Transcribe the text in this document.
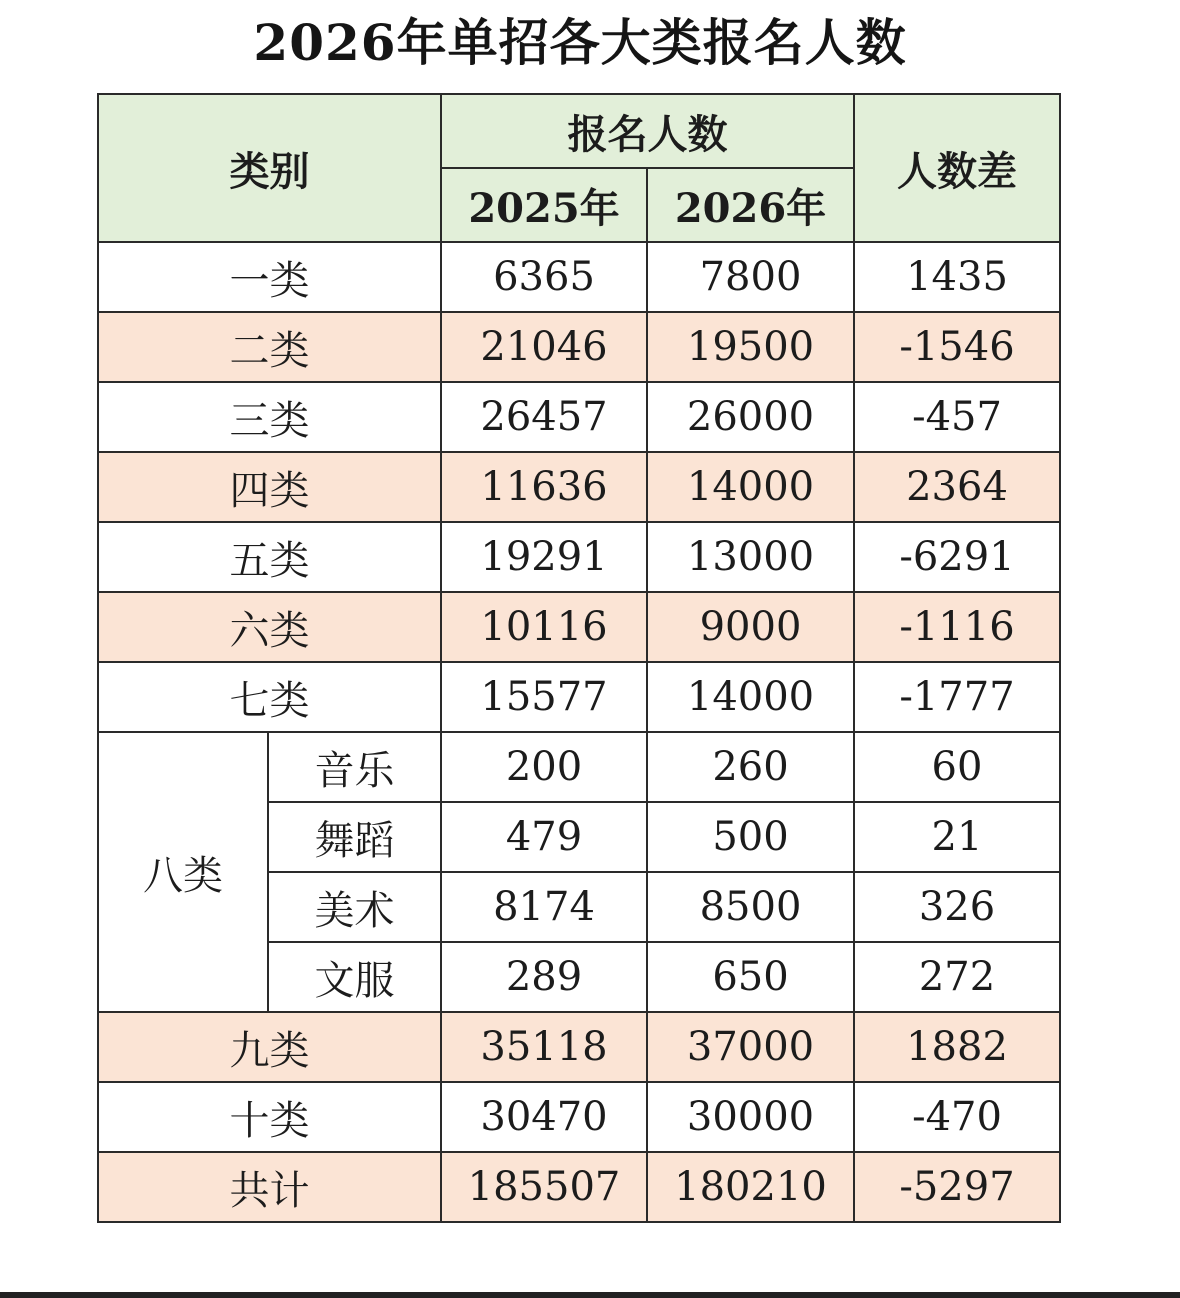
2026年单招各大类报名人数
类别		报名人数		人数差
		2025年	2026年	
一类		6365	7800	1435
二类		21046	19500	-1546
三类		26457	26000	-457
四类		11636	14000	2364
五类		19291	13000	-6291
六类		10116	9000	-1116
七类		15577	14000	-1777
八类	音乐	200	260	60
	舞蹈	479	500	21
	美术	8174	8500	326
	文服	289	650	272
九类		35118	37000	1882
十类		30470	30000	-470
共计		185507	180210	-5297
